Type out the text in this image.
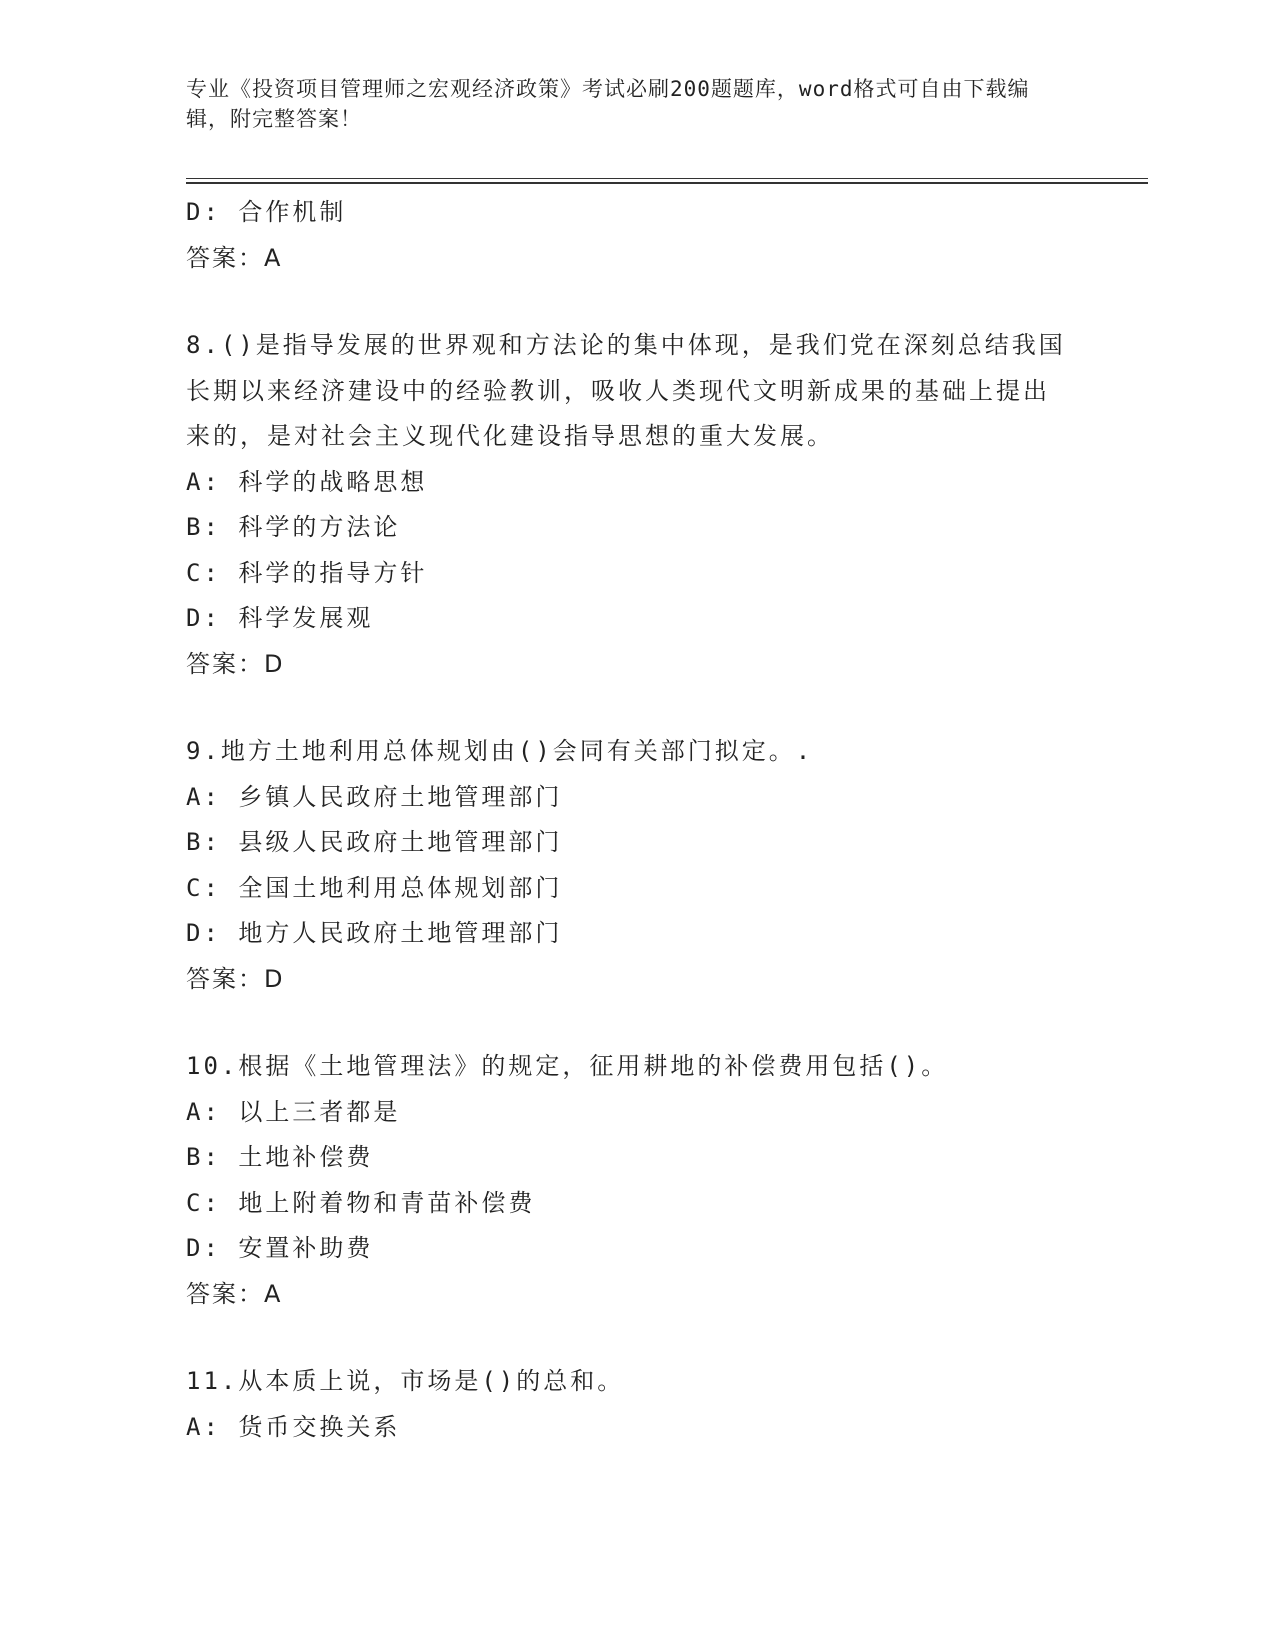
专业《投资项目管理师之宏观经济政策》考试必刷200题题库，word格式可自由下载编辑，附完整答案！
D: 合作机制
答案：A
8.()是指导发展的世界观和方法论的集中体现，是我们党在深刻总结我国长期以来经济建设中的经验教训，吸收人类现代文明新成果的基础上提出来的，是对社会主义现代化建设指导思想的重大发展。
A: 科学的战略思想
B: 科学的方法论
C: 科学的指导方针
D: 科学发展观
答案：D
9.地方土地利用总体规划由()会同有关部门拟定。.
A: 乡镇人民政府土地管理部门
B: 县级人民政府土地管理部门
C: 全国土地利用总体规划部门
D: 地方人民政府土地管理部门
答案：D
10.根据《土地管理法》的规定，征用耕地的补偿费用包括()。
A: 以上三者都是
B: 土地补偿费
C: 地上附着物和青苗补偿费
D: 安置补助费
答案：A
11.从本质上说，市场是()的总和。
A: 货币交换关系
